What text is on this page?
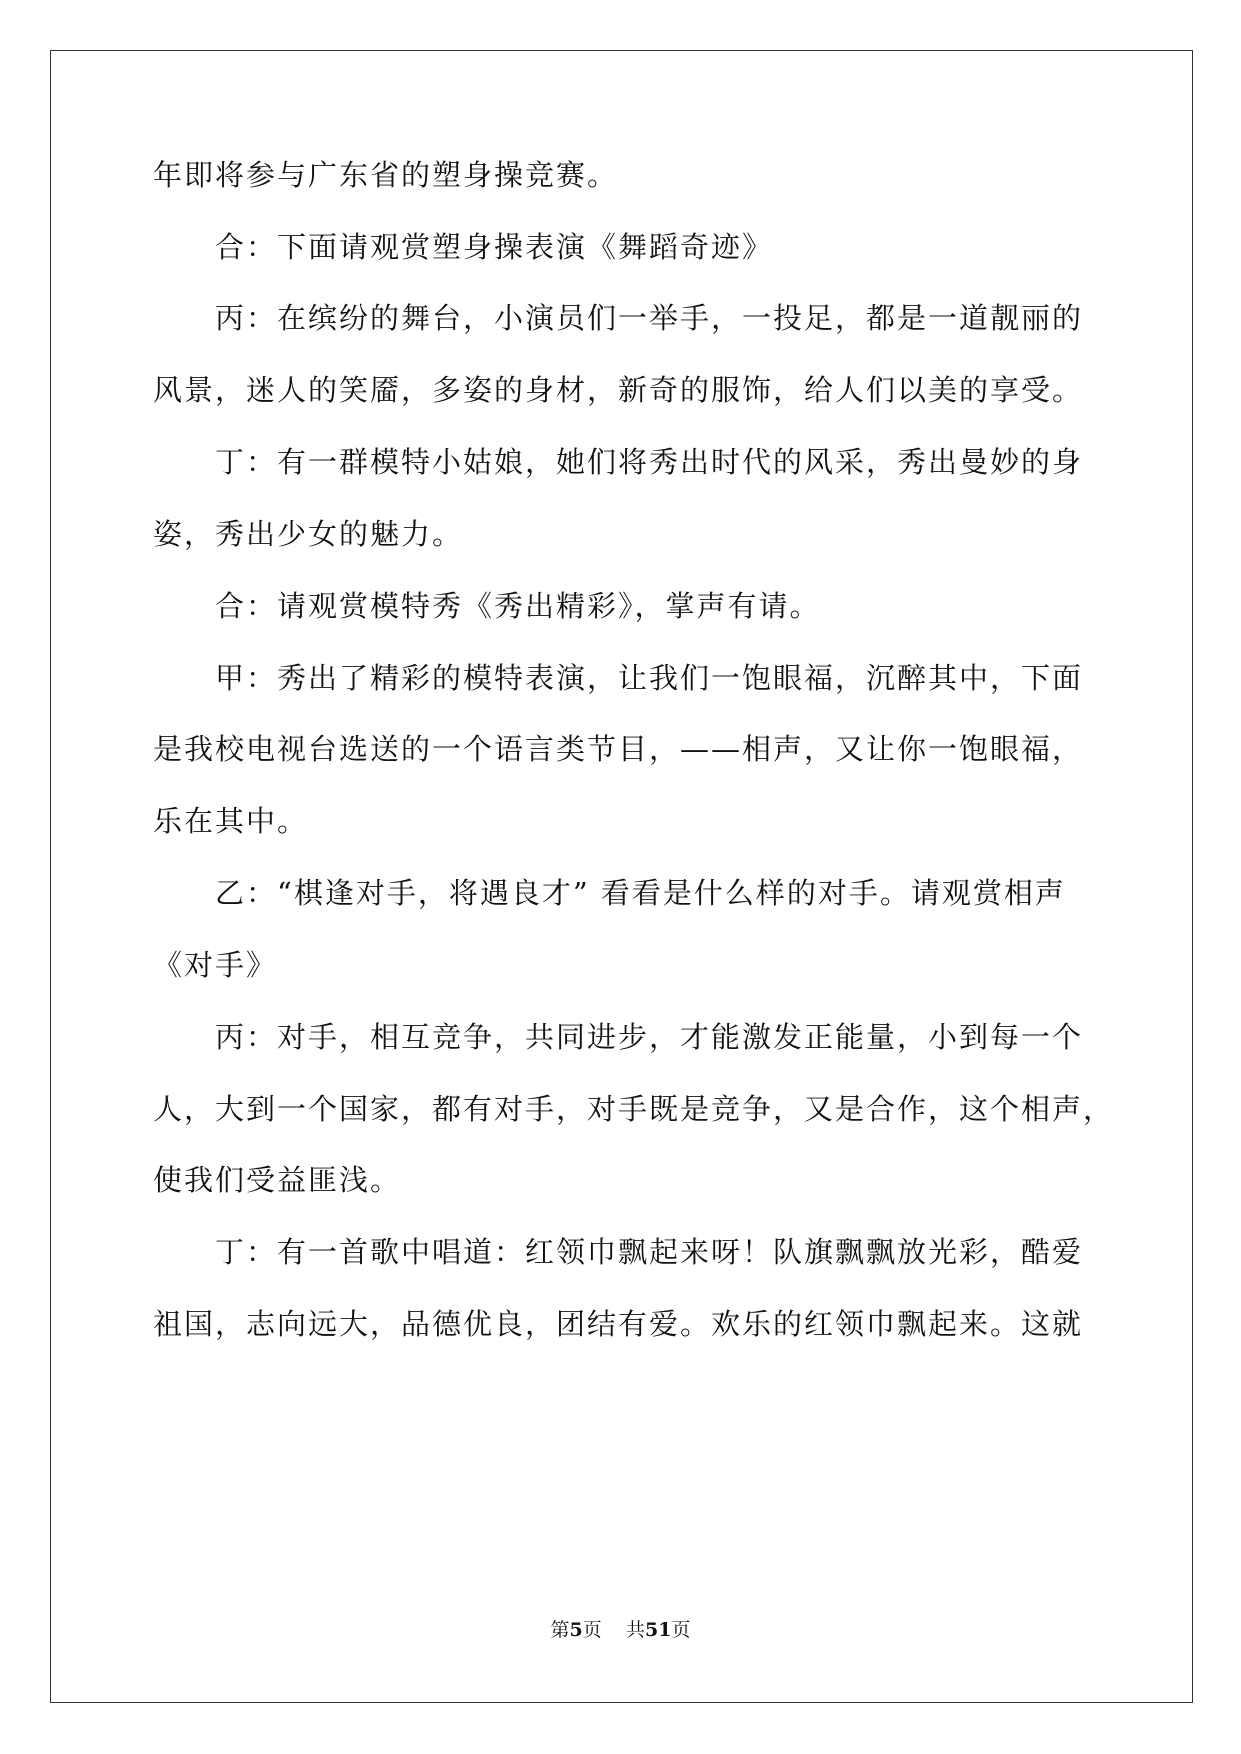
年即将参与广东省的塑身操竞赛。
合：下面请观赏塑身操表演《舞蹈奇迹》
丙：在缤纷的舞台，小演员们一举手，一投足，都是一道靓丽的
风景，迷人的笑靥，多姿的身材，新奇的服饰，给人们以美的享受。
丁：有一群模特小姑娘，她们将秀出时代的风采，秀出曼妙的身
姿，秀出少女的魅力。
合：请观赏模特秀《秀出精彩》，掌声有请。
甲：秀出了精彩的模特表演，让我们一饱眼福，沉醉其中，下面
是我校电视台选送的一个语言类节目，——相声，又让你一饱眼福，
乐在其中。
乙：“棋逢对手，将遇良才” 看看是什么样的对手。请观赏相声
《对手》
丙：对手，相互竞争，共同进步，才能激发正能量，小到每一个
人，大到一个国家，都有对手，对手既是竞争，又是合作，这个相声，
使我们受益匪浅。
丁：有一首歌中唱道：红领巾飘起来呀！队旗飘飘放光彩，酷爱
祖国，志向远大，品德优良，团结有爱。欢乐的红领巾飘起来。这就
第5页 共51页
